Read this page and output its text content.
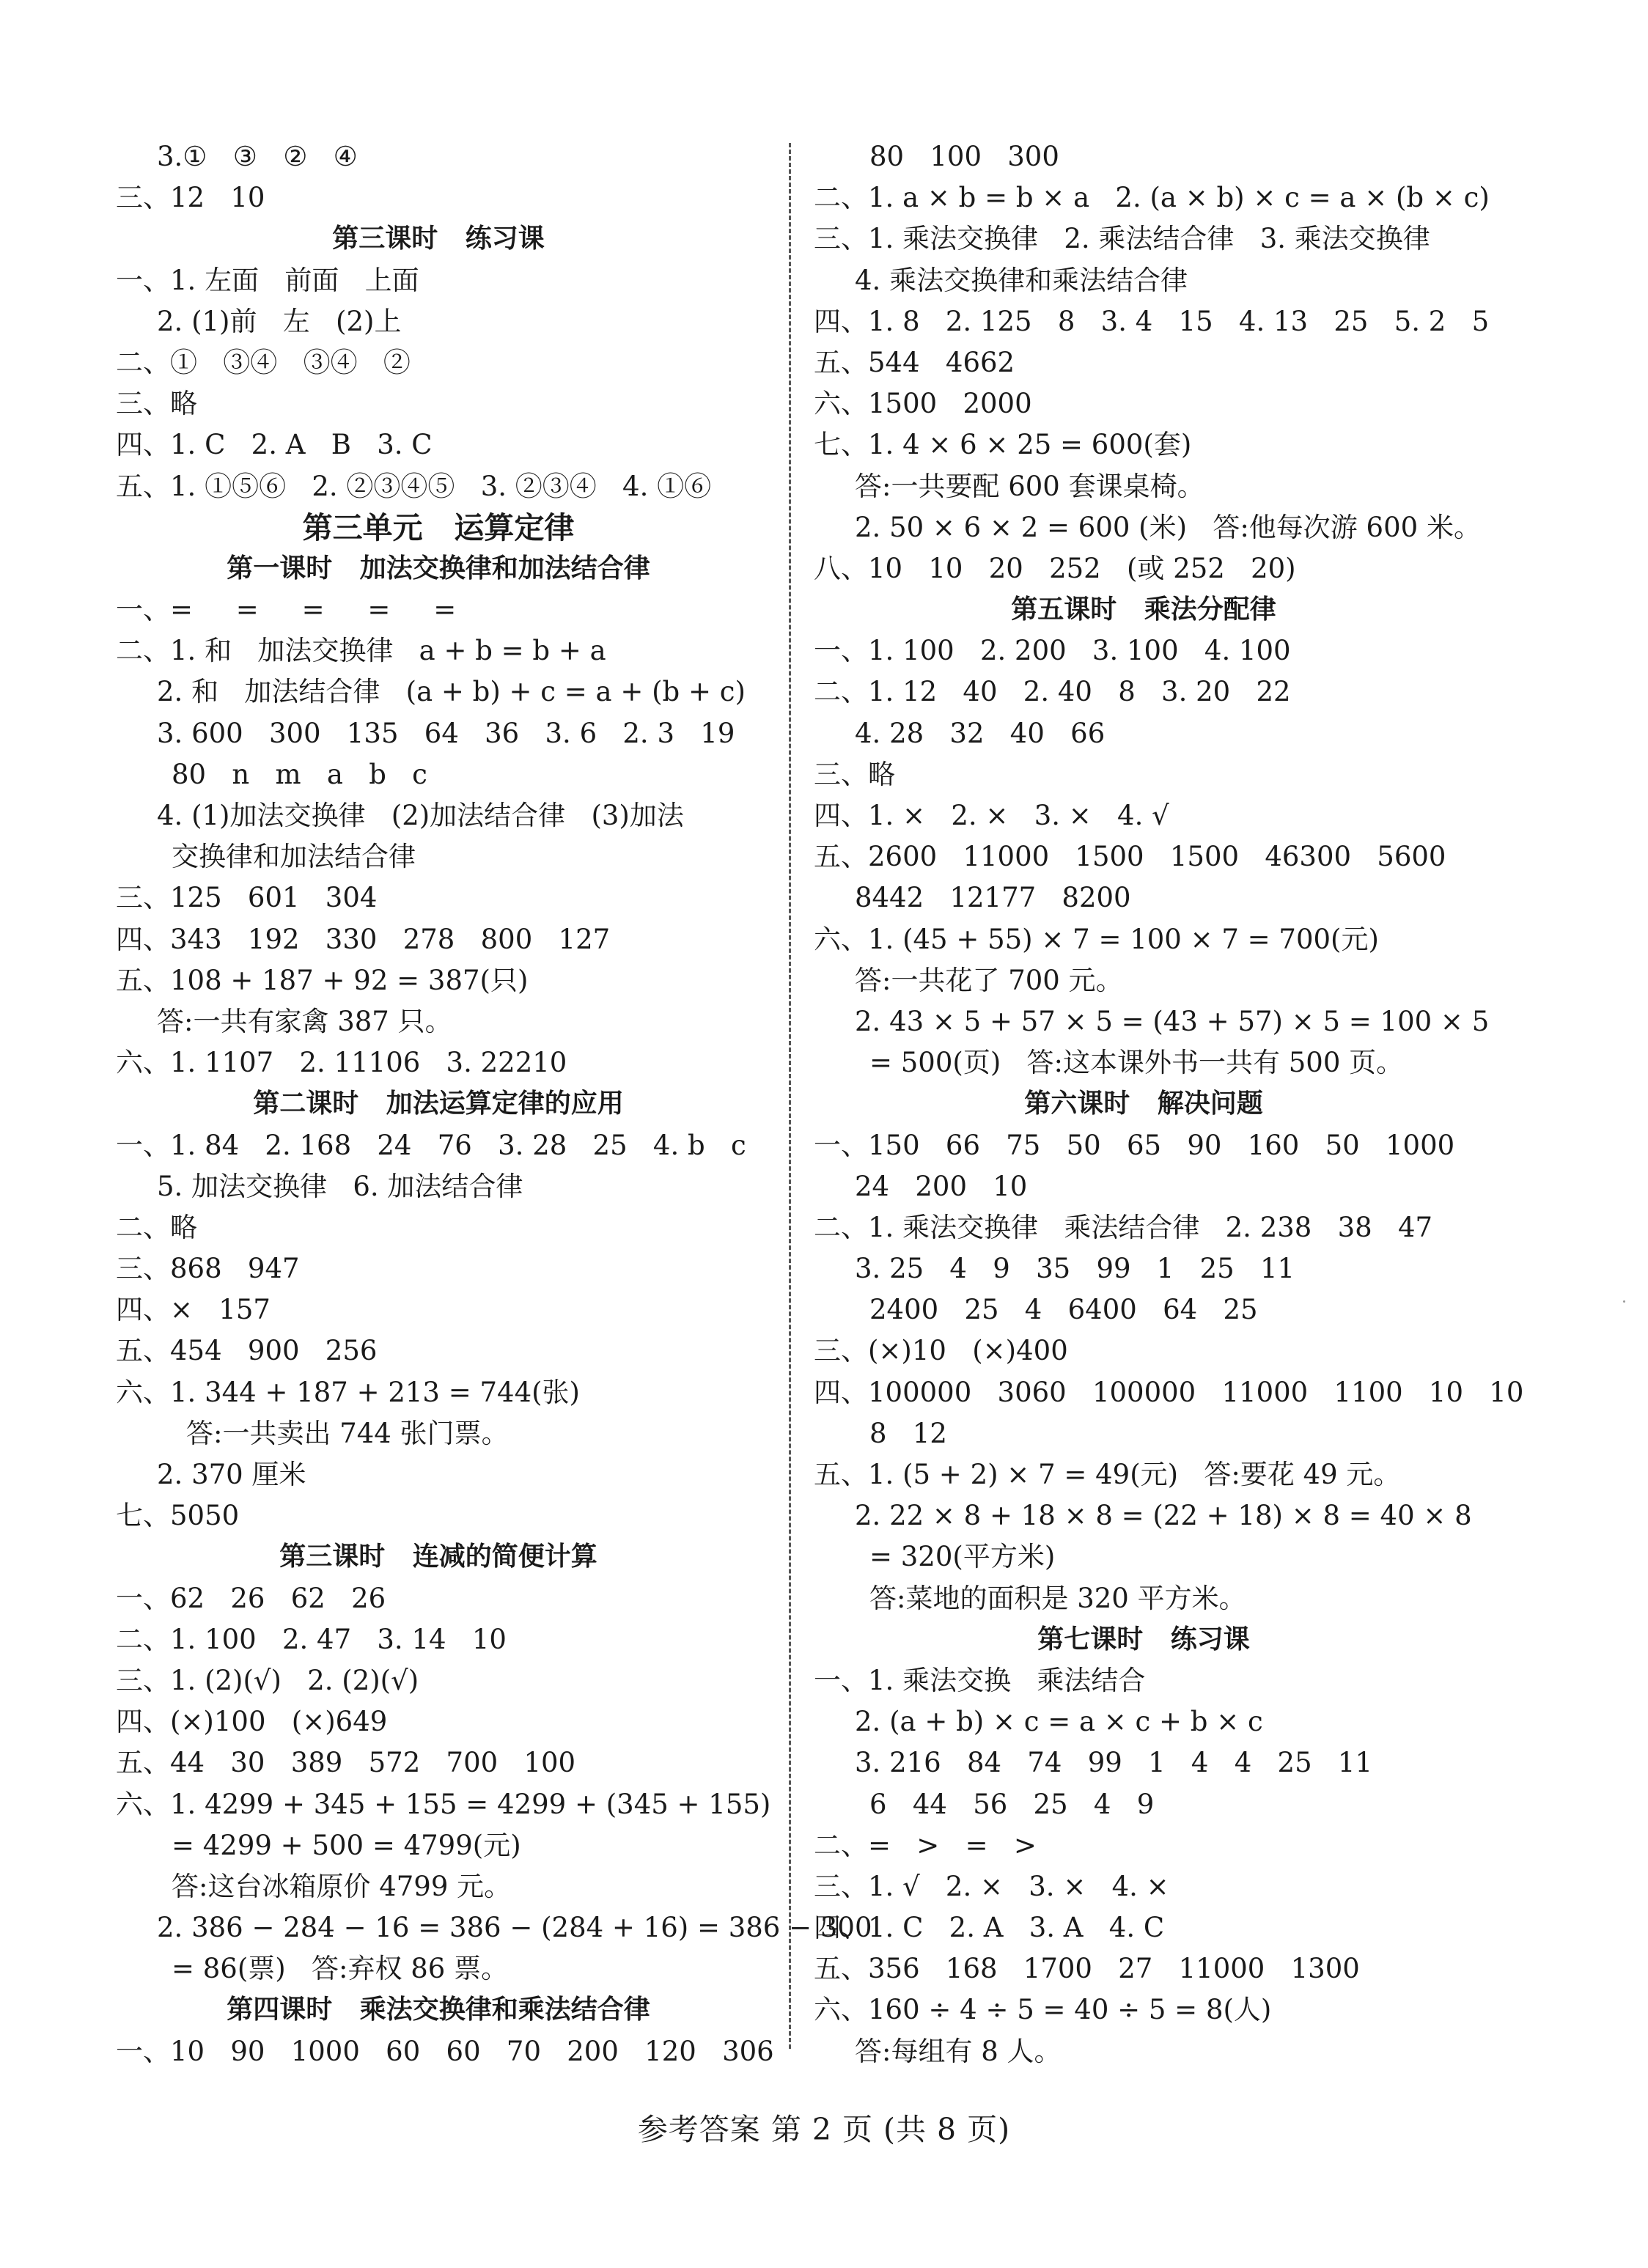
3.①   ③   ②   ④
三、12   10
第三课时   练习课
一、1. 左面   前面   上面
2. (1)前   左   (2)上
二、①   ③④   ③④   ②
三、略
四、1. C   2. A   B   3. C
五、1. ①⑤⑥   2. ②③④⑤   3. ②③④   4. ①⑥
第三单元   运算定律
第一课时   加法交换律和加法结合律
一、=     =     =     =     =
二、1. 和   加法交换律   a + b = b + a
2. 和   加法结合律   (a + b) + c = a + (b + c)
3. 600   300   135   64   36   3. 6   2. 3   19
80   n   m   a   b   c
4. (1)加法交换律   (2)加法结合律   (3)加法
交换律和加法结合律
三、125   601   304
四、343   192   330   278   800   127
五、108 + 187 + 92 = 387(只)
答:一共有家禽 387 只。
六、1. 1107   2. 11106   3. 22210
第二课时   加法运算定律的应用
一、1. 84   2. 168   24   76   3. 28   25   4. b   c
5. 加法交换律   6. 加法结合律
二、略
三、868   947
四、×   157
五、454   900   256
六、1. 344 + 187 + 213 = 744(张)
答:一共卖出 744 张门票。
2. 370 厘米
七、5050
第三课时   连减的简便计算
一、62   26   62   26
二、1. 100   2. 47   3. 14   10
三、1. (2)(√)   2. (2)(√)
四、(×)100   (×)649
五、44   30   389   572   700   100
六、1. 4299 + 345 + 155 = 4299 + (345 + 155)
= 4299 + 500 = 4799(元)
答:这台冰箱原价 4799 元。
2. 386 − 284 − 16 = 386 − (284 + 16) = 386 − 300
= 86(票)   答:弃权 86 票。
第四课时   乘法交换律和乘法结合律
一、10   90   1000   60   60   70   200   120   306
80   100   300
二、1. a × b = b × a   2. (a × b) × c = a × (b × c)
三、1. 乘法交换律   2. 乘法结合律   3. 乘法交换律
4. 乘法交换律和乘法结合律
四、1. 8   2. 125   8   3. 4   15   4. 13   25   5. 2   5
五、544   4662
六、1500   2000
七、1. 4 × 6 × 25 = 600(套)
答:一共要配 600 套课桌椅。
2. 50 × 6 × 2 = 600 (米)   答:他每次游 600 米。
八、10   10   20   252   (或 252   20)
第五课时   乘法分配律
一、1. 100   2. 200   3. 100   4. 100
二、1. 12   40   2. 40   8   3. 20   22
4. 28   32   40   66
三、略
四、1. ×   2. ×   3. ×   4. √
五、2600   11000   1500   1500   46300   5600
8442   12177   8200
六、1. (45 + 55) × 7 = 100 × 7 = 700(元)
答:一共花了 700 元。
2. 43 × 5 + 57 × 5 = (43 + 57) × 5 = 100 × 5
= 500(页)   答:这本课外书一共有 500 页。
第六课时   解决问题
一、150   66   75   50   65   90   160   50   1000
24   200   10
二、1. 乘法交换律   乘法结合律   2. 238   38   47
3. 25   4   9   35   99   1   25   11
2400   25   4   6400   64   25
三、(×)10   (×)400
四、100000   3060   100000   11000   1100   10   10
8   12
五、1. (5 + 2) × 7 = 49(元)   答:要花 49 元。
2. 22 × 8 + 18 × 8 = (22 + 18) × 8 = 40 × 8
= 320(平方米)
答:菜地的面积是 320 平方米。
第七课时   练习课
一、1. 乘法交换   乘法结合
2. (a + b) × c = a × c + b × c
3. 216   84   74   99   1   4   4   25   11
6   44   56   25   4   9
二、=   >   =   >
三、1. √   2. ×   3. ×   4. ×
四、1. C   2. A   3. A   4. C
五、356   168   1700   27   11000   1300
六、160 ÷ 4 ÷ 5 = 40 ÷ 5 = 8(人)
答:每组有 8 人。
参考答案 第 2 页 (共 8 页)
